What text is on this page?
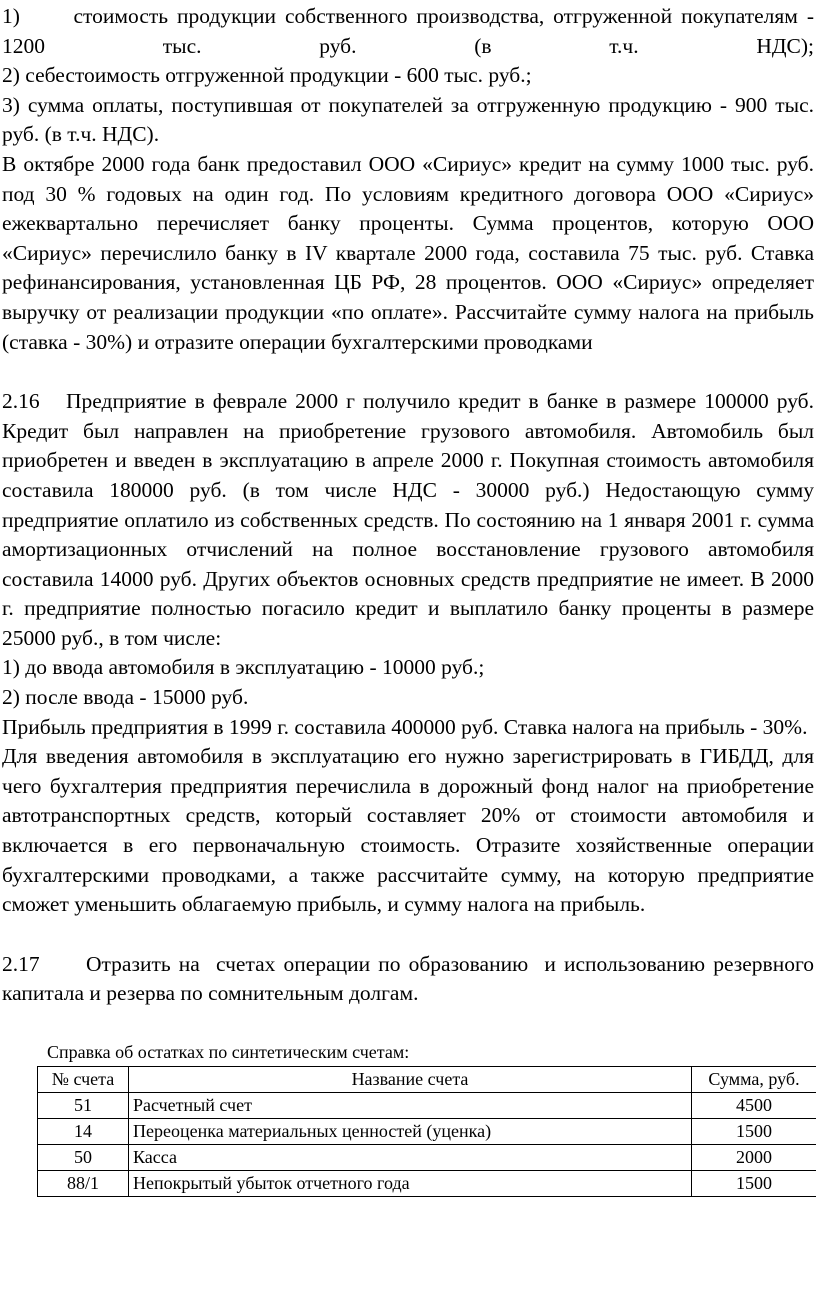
1)      стоимость продукции собственного производства, отгруженной покупателям - 1200 тыс. руб. (в т.ч. НДС);

2) себестоимость отгруженной продукции - 600 тыс. руб.;

3) сумма оплаты, поступившая от покупателей за отгруженную продукцию - 900 тыс. руб. (в т.ч. НДС).

В октябре 2000 года банк предоставил ООО «Сириус» кредит на сумму 1000 тыс. руб. под 30 % годовых на один год. По условиям кредитного договора ООО «Сириус» ежеквартально перечисляет банку проценты. Сумма процентов, которую ООО «Сириус» перечислило банку в IV квартале 2000 года, составила 75 тыс. руб. Ставка рефинансирования, установленная ЦБ РФ, 28 процентов. ООО «Сириус» определяет выручку от реализации продукции «по оплате». Рассчитайте сумму налога на прибыль (ставка - 30%) и отразите операции бухгалтерскими проводками

2.16 Предприятие в феврале 2000 г получило кредит в банке в размере 100000 руб. Кредит был направлен на приобретение грузового автомобиля. Автомобиль был приобретен и введен в эксплуатацию в апреле 2000 г. Покупная стоимость автомобиля составила 180000 руб. (в том числе НДС - 30000 руб.) Недостающую сумму предприятие оплатило из собственных средств. По состоянию на 1 января 2001 г. сумма амортизационных отчислений на полное восстановление грузового автомобиля составила 14000 руб. Других объектов основных средств предприятие не имеет. В 2000 г. предприятие полностью погасило кредит и выплатило банку проценты в размере 25000 руб., в том числе:

1) до ввода автомобиля в эксплуатацию - 10000 руб.;

2) после ввода - 15000 руб.

Прибыль предприятия в 1999 г. составила 400000 руб. Ставка налога на прибыль - 30%.

Для введения автомобиля в эксплуатацию его нужно зарегистрировать в ГИБДД, для чего бухгалтерия предприятия перечислила в дорожный фонд налог на приобретение автотранспортных средств, который составляет 20% от стоимости автомобиля и включается в его первоначальную стоимость. Отразите хозяйственные операции бухгалтерскими проводками, а также рассчитайте сумму, на которую предприятие сможет уменьшить облагаемую прибыль, и сумму налога на прибыль.

2.17 Отразить на  счетах операции по образованию  и использованию резервного капитала и резерва по сомнительным долгам.

Справка об остатках по синтетическим счетам:
№ счета	Название счета	Сумма, руб.
51	Расчетный счет	4500
14	Переоценка материальных ценностей (уценка)	1500
50	Касса	2000
88/1	Непокрытый убыток отчетного года	1500
